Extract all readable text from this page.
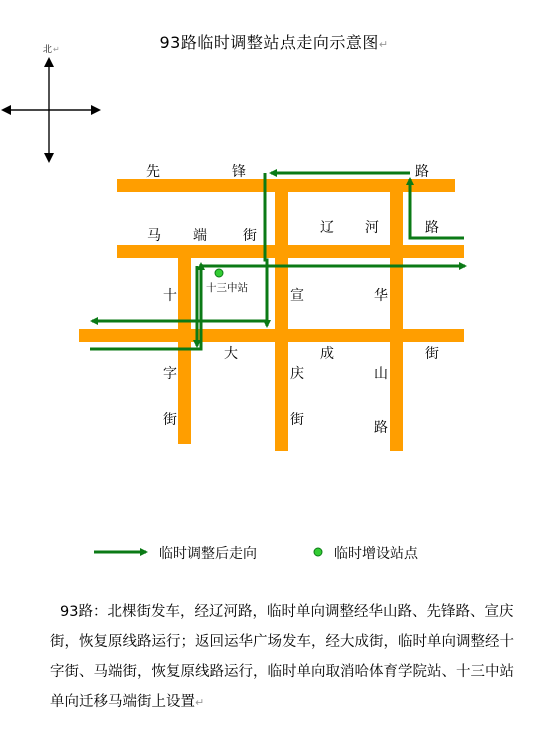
93路临时调整站点走向示意图↵
北 ↵
十三中站
先	锋	路
辽 河	路
马 端	街
十
字
街
宣
庆
街
华
山
路
大	成	街
临时调整后走向	临时增设站点
93路：北棵街发车，经辽河路，临时单向调整经华山路、先锋路、宣庆街，恢复原线路运行；返回运华广场发车，经大成街，临时单向调整经十字街、马端街，恢复原线路运行，临时单向取消哈体育学院站、十三中站单向迁移马端街上设置↵
